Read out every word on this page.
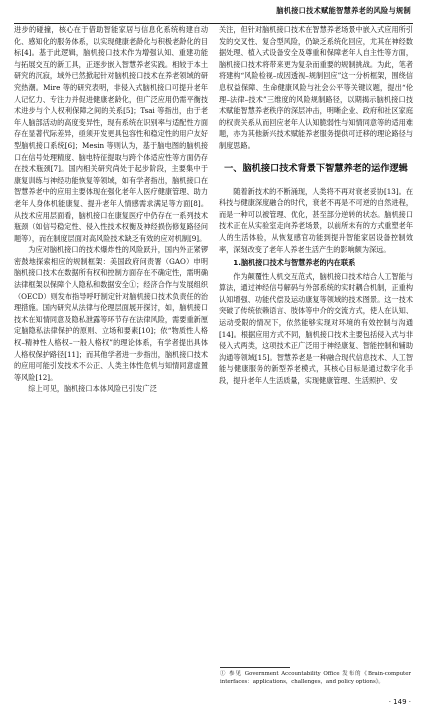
脑机接口技术赋能智慧养老的风险与规制

进步的碰撞，核心在于借助智能家居与信息化系统构建自动化、感知化的服务体系，以实现健康老龄化与积极老龄化的目标[4]。基于此逻辑，脑机接口技术作为增强认知、重建功能与拓展交互的新工具，正逐步嵌入智慧养老实践。相较于本土研究的沉寂，域外已然掀起针对脑机接口技术在养老领域的研究热潮。Mire 等的研究表明，非侵入式脑机接口可提升老年人记忆力、专注力并促进健康老龄化，但广泛应用仍需平衡技术进步与个人权利保障之间的关系[5]；Tsai 等指出，由于老年人脑部活动的高度变异性，现有系统在识别率与适配性方面存在显著代际差异，亟须开发更具包容性和稳定性的用户友好型脑机接口系统[6]；Mesin 等则认为，基于脑电图的脑机接口在信号处理精度、脑电特征提取与跨个体适应性等方面仍存在技术瓶颈[7]。国内相关研究尚处于起步阶段，主要集中于康复训练与神经功能恢复等领域，如有学者指出，脑机接口在智慧养老中的应用主要体现在强化老年人医疗健康管理、助力老年人身体机能康复、提升老年人情感需求满足等方面[8]。从技术应用层面看，脑机接口在康复医疗中仍存在一系列技术瓶颈（如信号稳定性、侵入性技术权衡及神经损伤修复路径问题等），而在制度层面对高风险技术缺乏有效的应对机制[9]。

为应对脑机接口的技术爆炸性的风险跃升，国内外正紧锣密鼓地探索相应的规制框架：美国政府问责署（GAO）申明脑机接口技术在数据所有权和控制方面存在不确定性，需明确法律框架以保障个人隐私和数据安全①；经济合作与发展组织（OECD）则发布指导呼吁制定针对脑机接口技术负责任的治理措施。国内研究从法律与伦理层面展开探讨，如，脑机接口技术在知情同意及隐私泄露等环节存在法律风险，需要重新厘定脑隐私法律保护的原则、立场和要素[10]；依“物质性人格权–精神性人格权–一般人格权”的理论体系，有学者提出具体人格权保护路径[11]；而其他学者进一步指出，脑机接口技术的应用可能引发技术不公正、人类主体性危机与知情同意虚置等风险[12]。

综上可见，脑机接口本体风险已引发广泛

关注，但针对脑机接口技术在智慧养老场景中嵌入式应用所引发的交叉性、复合型风险，仍缺乏系统化回应，尤其在神经数据处理、植入式设备安全及尊重和保障老年人自主性等方面，脑机接口技术将带来更为复杂而重要的规制挑战。为此，笔者将建构“风险检视–成因透视–规制回应”这一分析框架，围绕信息权益保障、生命健康风险与社会公平等关键议题，提出“伦理–法律–技术”三维度的风险规制路径，以期揭示脑机接口技术赋能智慧养老秩序的深层冲击，明晰企业、政府和社区家庭的权责关系从而回应老年人认知脆弱性与知情同意等的适用难题，亦为其他新兴技术赋能养老服务提供可迁移的理论路径与制度思路。

一、脑机接口技术背景下智慧养老的运作逻辑

随着新技术的不断涌现，人类将不再对衰老妥协[13]。在科技与健康深度融合的时代，衰老不再是不可逆的自然进程，而是一种可以被管理、优化，甚至部分逆转的状态。脑机接口技术正在从实验室走向养老场景，以前所未有的方式重塑老年人的生活体验，从恢复感官功能到提升智能家居设备控制效率，深刻改变了老年人养老生活产生的影响颇为深远。

1.脑机接口技术与智慧养老的内在联系

作为颠覆性人机交互范式，脑机接口技术结合人工智能与算法，通过神经信号解码与外部系统的实时耦合机制，正重构认知增强、功能代偿及运动康复等领域的技术图景。这一技术突破了传统依赖语言、肢体等中介的交流方式，使人在认知、运动受限的情况下，依然能够实现对环境的有效控制与沟通[14]。根据应用方式不同，脑机接口技术主要包括侵入式与非侵入式两类，这项技术正广泛用于神经康复、智能控制和辅助沟通等领域[15]。智慧养老是一种融合现代信息技术、人工智能与健康服务的新型养老模式，其核心目标是通过数字化手段，提升老年人生活质量，实现健康管理、生活照护、安

① 参见 Government Accountability Office 发布的《Brain-computer interfaces：applications，challenges，and policy options》。
· 149 ·
